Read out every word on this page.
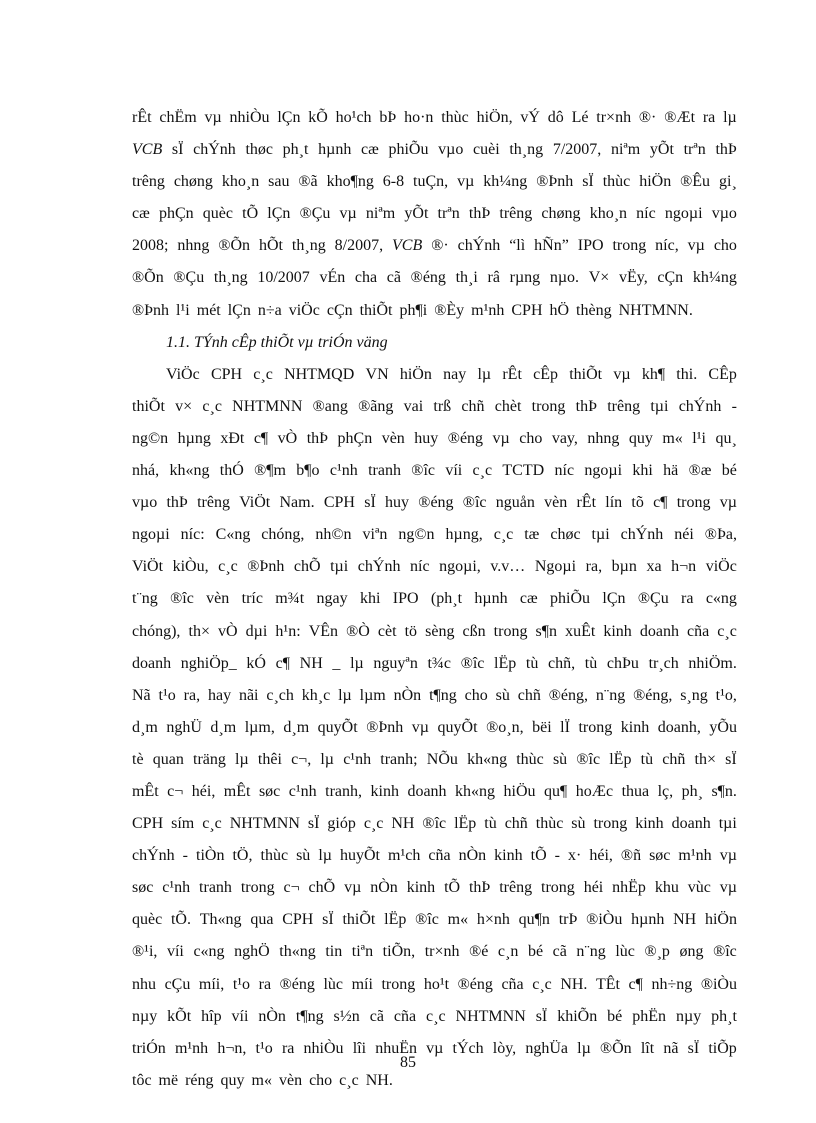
rÊt chËm vµ nhiÒu lÇn kÕ ho¹ch bÞ ho·n thùc hiÖn, vÝ dô Lé tr×nh ®· ®Æt ra lµ
VCB sÏ chÝnh thøc ph¸t hµnh cæ phiÕu vµo cuèi th¸ng 7/2007, niªm yÕt trªn thÞ
trêng chøng kho¸n sau ®ã kho¶ng 6-8 tuÇn, vµ kh¼ng ®Þnh sÏ thùc hiÖn ®Êu gi¸
cæ phÇn quèc tÕ lÇn ®Çu vµ niªm yÕt trªn thÞ trêng chøng kho¸n níc ngoµi vµo
2008; nhng ®Õn hÕt th¸ng 8/2007, VCB ®· chÝnh “lì hÑn” IPO trong níc, vµ cho
®Õn ®Çu th¸ng 10/2007 vÉn cha cã ®éng th¸i râ rµng nµo. V× vËy, cÇn kh¼ng
®Þnh l¹i mét lÇn n÷a viÖc cÇn thiÕt ph¶i ®Èy m¹nh CPH hÖ thèng NHTMNN.
1.1. TÝnh cÊp thiÕt vµ triÓn väng
ViÖc CPH c¸c NHTMQD VN hiÖn nay lµ rÊt cÊp thiÕt vµ kh¶ thi. CÊp
thiÕt v× c¸c NHTMNN ®ang ®ãng vai trß chñ chèt trong thÞ trêng tµi chÝnh -
ng©n hµng xÐt c¶ vÒ thÞ phÇn vèn huy ®éng vµ cho vay, nhng quy m« l¹i qu¸
nhá, kh«ng thÓ ®¶m b¶o c¹nh tranh ®îc víi c¸c TCTD níc ngoµi khi hä ®æ bé
vµo thÞ trêng ViÖt Nam. CPH sÏ huy ®éng ®îc nguån vèn rÊt lín tõ c¶ trong vµ
ngoµi níc: C«ng chóng, nh©n viªn ng©n hµng, c¸c tæ chøc tµi chÝnh néi ®Þa,
ViÖt kiÒu, c¸c ®Þnh chÕ tµi chÝnh níc ngoµi, v.v… Ngoµi ra, bµn xa h¬n viÖc
t¨ng ®îc vèn tríc m¾t ngay khi IPO (ph¸t hµnh cæ phiÕu lÇn ®Çu ra c«ng
chóng), th× vÒ dµi h¹n: VÊn ®Ò cèt tö sèng cßn trong s¶n xuÊt kinh doanh cña c¸c
doanh nghiÖp_ kÓ c¶ NH _ lµ nguyªn t¾c ®îc lËp tù chñ, tù chÞu tr¸ch nhiÖm.
Nã t¹o ra, hay nãi c¸ch kh¸c lµ lµm nÒn t¶ng cho sù chñ ®éng, n¨ng ®éng, s¸ng t¹o,
d¸m nghÜ d¸m lµm, d¸m quyÕt ®Þnh vµ quyÕt ®o¸n, bëi lÏ trong kinh doanh, yÕu
tè quan träng lµ thêi c¬, lµ c¹nh tranh; NÕu kh«ng thùc sù ®îc lËp tù chñ th× sÏ
mÊt c¬ héi, mÊt søc c¹nh tranh, kinh doanh kh«ng hiÖu qu¶ hoÆc thua lç, ph¸ s¶n.
CPH sím c¸c NHTMNN sÏ gióp c¸c NH ®îc lËp tù chñ thùc sù trong kinh doanh tµi
chÝnh - tiÒn tÖ, thùc sù lµ huyÕt m¹ch cña nÒn kinh tÕ - x· héi, ®ñ søc m¹nh vµ
søc c¹nh tranh trong c¬ chÕ vµ nÒn kinh tÕ thÞ trêng trong héi nhËp khu vùc vµ
quèc tÕ. Th«ng qua CPH sÏ thiÕt lËp ®îc m« h×nh qu¶n trÞ ®iÒu hµnh NH hiÖn
®¹i, víi c«ng nghÖ th«ng tin tiªn tiÕn, tr×nh ®é c¸n bé cã n¨ng lùc ®¸p øng ®îc
nhu cÇu míi, t¹o ra ®éng lùc míi trong ho¹t ®éng cña c¸c NH. TÊt c¶ nh÷ng ®iÒu
nµy kÕt hîp víi nÒn t¶ng s½n cã cña c¸c NHTMNN sÏ khiÕn bé phËn nµy ph¸t
triÓn m¹nh h¬n, t¹o ra nhiÒu lîi nhuËn vµ tÝch lòy, nghÜa lµ ®Õn lît nã sÏ tiÕp
tôc më réng quy m« vèn cho c¸c NH.
85
